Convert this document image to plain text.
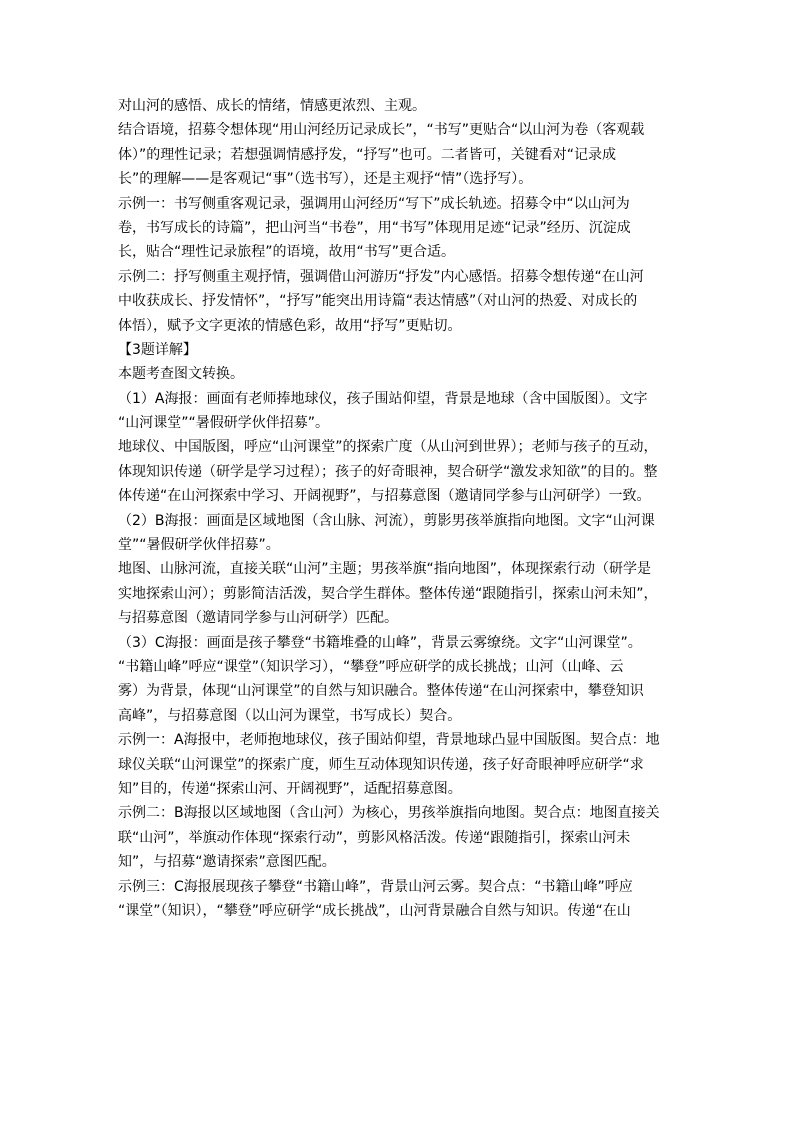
对山河的感悟、成长的情绪，情感更浓烈、主观。
结合语境，招募令想体现“用山河经历记录成长”，“书写”更贴合“以山河为卷（客观载
体）”的理性记录；若想强调情感抒发，“抒写”也可。二者皆可，关键看对“记录成
长”的理解——是客观记“事”（选书写），还是主观抒“情”（选抒写）。
示例一：书写侧重客观记录，强调用山河经历“写下”成长轨迹。招募令中“以山河为
卷，书写成长的诗篇”，把山河当“书卷”，用“书写”体现用足迹“记录”经历、沉淀成
长，贴合“理性记录旅程”的语境，故用“书写”更合适。
示例二：抒写侧重主观抒情，强调借山河游历“抒发”内心感悟。招募令想传递“在山河
中收获成长、抒发情怀”，“抒写”能突出用诗篇“表达情感”（对山河的热爱、对成长的
体悟），赋予文字更浓的情感色彩，故用“抒写”更贴切。
【3题详解】
本题考查图文转换。
（1）A海报：画面有老师捧地球仪，孩子围站仰望，背景是地球（含中国版图）。文字
“山河课堂”“暑假研学伙伴招募”。
地球仪、中国版图，呼应“山河课堂”的探索广度（从山河到世界）；老师与孩子的互动，
体现知识传递（研学是学习过程）；孩子的好奇眼神，契合研学“激发求知欲”的目的。整
体传递“在山河探索中学习、开阔视野”，与招募意图（邀请同学参与山河研学）一致。
（2）B海报：画面是区域地图（含山脉、河流），剪影男孩举旗指向地图。文字“山河课
堂”“暑假研学伙伴招募”。
地图、山脉河流，直接关联“山河”主题；男孩举旗“指向地图”，体现探索行动（研学是
实地探索山河）；剪影简洁活泼，契合学生群体。整体传递“跟随指引，探索山河未知”，
与招募意图（邀请同学参与山河研学）匹配。
（3）C海报：画面是孩子攀登“书籍堆叠的山峰”，背景云雾缭绕。文字“山河课堂”。
“书籍山峰”呼应“课堂”（知识学习），“攀登”呼应研学的成长挑战；山河（山峰、云
雾）为背景，体现“山河课堂”的自然与知识融合。整体传递“在山河探索中，攀登知识
高峰”，与招募意图（以山河为课堂，书写成长）契合。
示例一：A海报中，老师抱地球仪，孩子围站仰望，背景地球凸显中国版图。契合点：地
球仪关联“山河课堂”的探索广度，师生互动体现知识传递，孩子好奇眼神呼应研学“求
知”目的，传递“探索山河、开阔视野”，适配招募意图。
示例二：B海报以区域地图（含山河）为核心，男孩举旗指向地图。契合点：地图直接关
联“山河”，举旗动作体现“探索行动”，剪影风格活泼。传递“跟随指引，探索山河未
知”，与招募“邀请探索”意图匹配。
示例三：C海报展现孩子攀登“书籍山峰”，背景山河云雾。契合点：“书籍山峰”呼应
“课堂”（知识），“攀登”呼应研学“成长挑战”，山河背景融合自然与知识。传递“在山
